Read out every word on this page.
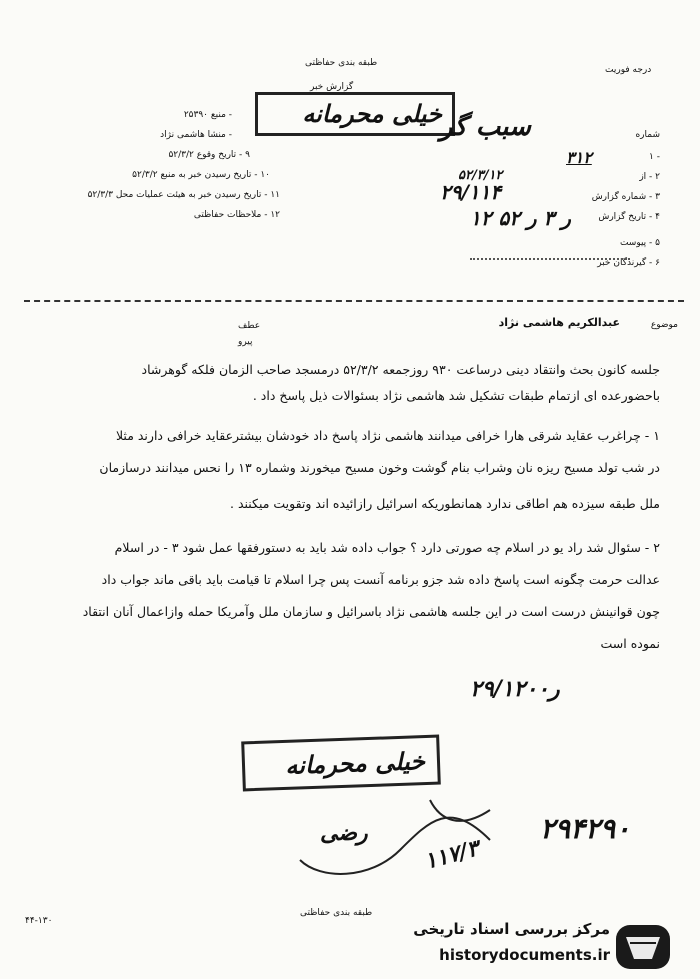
طبقه بندی حفاظتی
درجه فوریت
گزارش خبر
خیلی محرمانه
ﺳﺒﺐ ﮔﺮ
- منبع ۲۵۳۹۰
- منشا هاشمی نژاد
۹ - تاریخ وقوع ۵۲/۳/۲
۱۰ - تاریخ رسیدن خبر به منبع ۵۲/۳/۲
۱۱ - تاریخ رسیدن خبر به هیئت عملیات محل ۵۲/۳/۳
۱۲ - ملاحظات حفاظتی
شماره
۱ -
۲ - از
۳ - شماره گزارش
۴ - تاریخ گزارش
۵ - پیوست
۶ - گیرندگان خبر
۳۱۲
۲۹/۱۱۴
۵۲/۳/۱۲
۱۲ ر ۳ ر ۵۲
موضوع
عبدالکریم هاشمی نژاد
عطف
پیرو
جلسه کانون بحث وانتقاد دینی درساعت ۹۳۰ روزجمعه ۵۲/۳/۲ درمسجد صاحب الزمان فلکه گوهرشاد
باحضورعده ای ازتمام طبقات تشکیل شد هاشمی نژاد بسئوالات ذیل پاسخ داد .
۱ - چراغرب عقاید شرقی هارا خرافی میدانند هاشمی نژاد پاسخ داد خودشان بیشترعقاید خرافی دارند مثلا
در شب تولد مسیح ریزه نان وشراب بنام گوشت وخون مسیح میخورند وشماره ۱۳ را نحس میدانند درسازمان
ملل طبقه سیزده هم اطاقی ندارد همانطوریکه اسرائیل رازائیده اند وتقویت میکنند .
۲ - سئوال شد راد یو در اسلام چه صورتی دارد ؟ جواب داده شد باید به دستورفقها عمل شود ۳ - در اسلام
عدالت حرمت چگونه است پاسخ داده شد جزو برنامه آنست پس چرا اسلام تا قیامت باید باقی ماند جواب داد
چون قوانینش درست است در این جلسه هاشمی نژاد باسرائیل و سازمان ملل وآمریکا حمله وازاعمال آنان انتقاد
نموده است
۲۹/۱۲ر۰۰
خیلی محرمانه
۲۹۴۲۹۰
۱۱۷/۳
رضی
۴۴-۱۳۰
طبقه بندی حفاظتی
مرکز بررسی اسناد تاریخی
historydocuments.ir
